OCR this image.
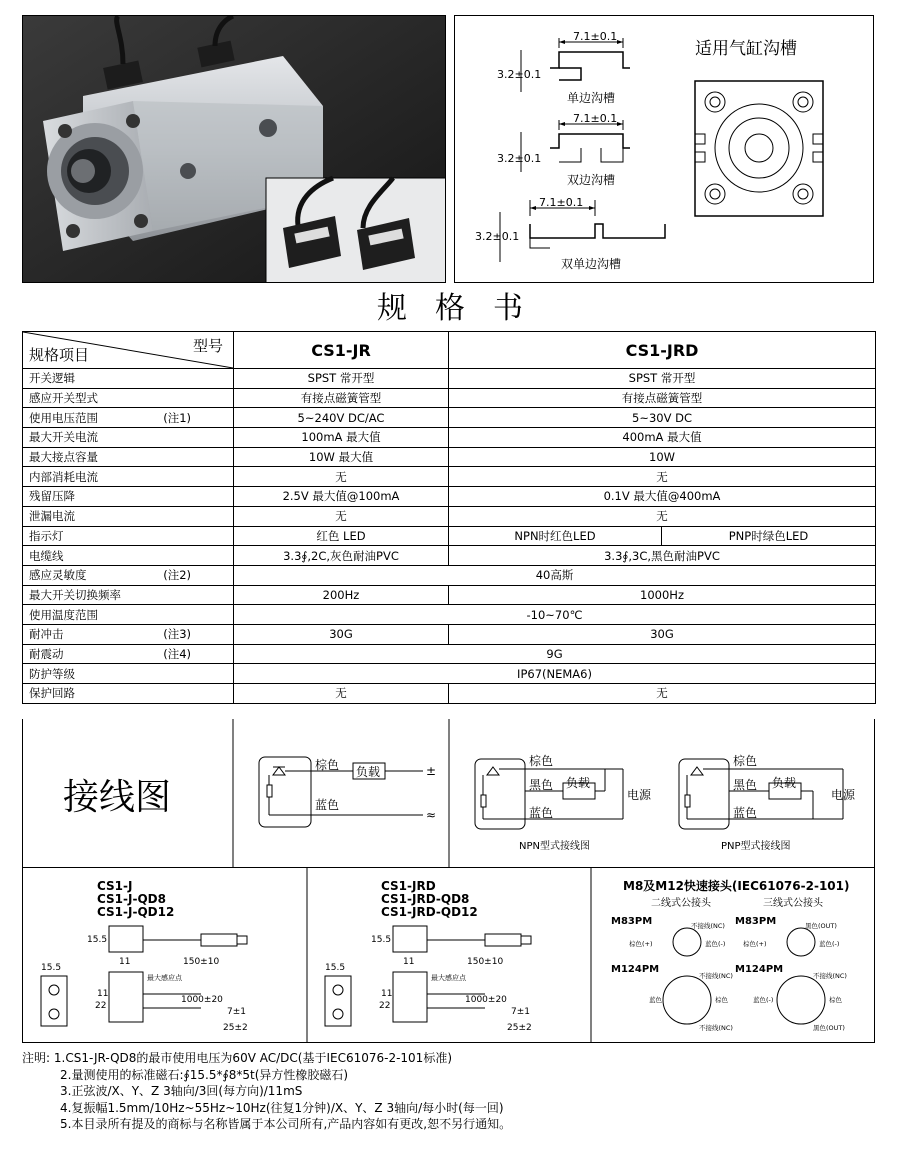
7.1±0.1
3.2±0.1
单边沟槽
7.1±0.1
3.2±0.1
双边沟槽
7.1±0.1
3.2±0.1
双单边沟槽
适用气缸沟槽
规格书
型号
规格项目	CS1-JR	CS1-JRD	
开关逻辑	SPST 常开型	SPST 常开型	
感应开关型式	有接点磁簧管型	有接点磁簧管型	
使用电压范围 (注1)	5~240V DC/AC	5~30V DC	
最大开关电流	100mA 最大值	400mA 最大值	
最大接点容量	10W 最大值	10W	
内部消耗电流	无	无	
残留压降	2.5V 最大值@100mA	0.1V 最大值@400mA	
泄漏电流	无	无	
指示灯	红色 LED	NPN时红色LED	PNP时绿色LED
电缆线	3.3∮,2C,灰色耐油PVC	3.3∮,3C,黑色耐油PVC	
感应灵敏度 (注2)	40高斯		
最大开关切换频率	200Hz	1000Hz	
使用温度范围	-10~70℃		
耐冲击 (注3)	30G	30G	
耐震动 (注4)	9G		
防护等级	IP67(NEMA6)		
保护回路	无	无	
接线图
棕色 负载
蓝色
±
≈
棕色
黑色 负载
蓝色
电源
棕色
黑色 负载
蓝色
电源
NPN型式接线图	PNP型式接线图
CS1-J
CS1-J-QD8
CS1-J-QD12
CS1-JRD
CS1-JRD-QD8
CS1-JRD-QD12
M8及M12快速接头(IEC61076-2-101)
15.5
11	150±10
15.5
11
22
最大感应点
1000±20
7±1
25±2
15.5
11	150±10
15.5
11
22
最大感应点
1000±20
7±1
25±2
二线式公接头	三线式公接头
M83PM	M83PM
M124PM	M124PM
棕色(+)	蓝色(-)
不接线(NC)
棕色(+)	蓝色(-)
黑色(OUT)
蓝色	棕色
不接线(NC)
不接线(NC)
蓝色(-)	棕色
不接线(NC)
黑色(OUT)
注明: 1.CS1-JR-QD8的最市使用电压为60V AC/DC(基于IEC61076-2-101标准)
2.量测使用的标准磁石:∮15.5*∮8*5t(异方性橡胶磁石)
3.正弦波/X、Y、Z 3轴向/3回(每方向)/11mS
4.复振幅1.5mm/10Hz~55Hz~10Hz(往复1分钟)/X、Y、Z 3轴向/每小时(每一回)
5.本目录所有提及的商标与名称皆属于本公司所有,产品内容如有更改,恕不另行通知。
